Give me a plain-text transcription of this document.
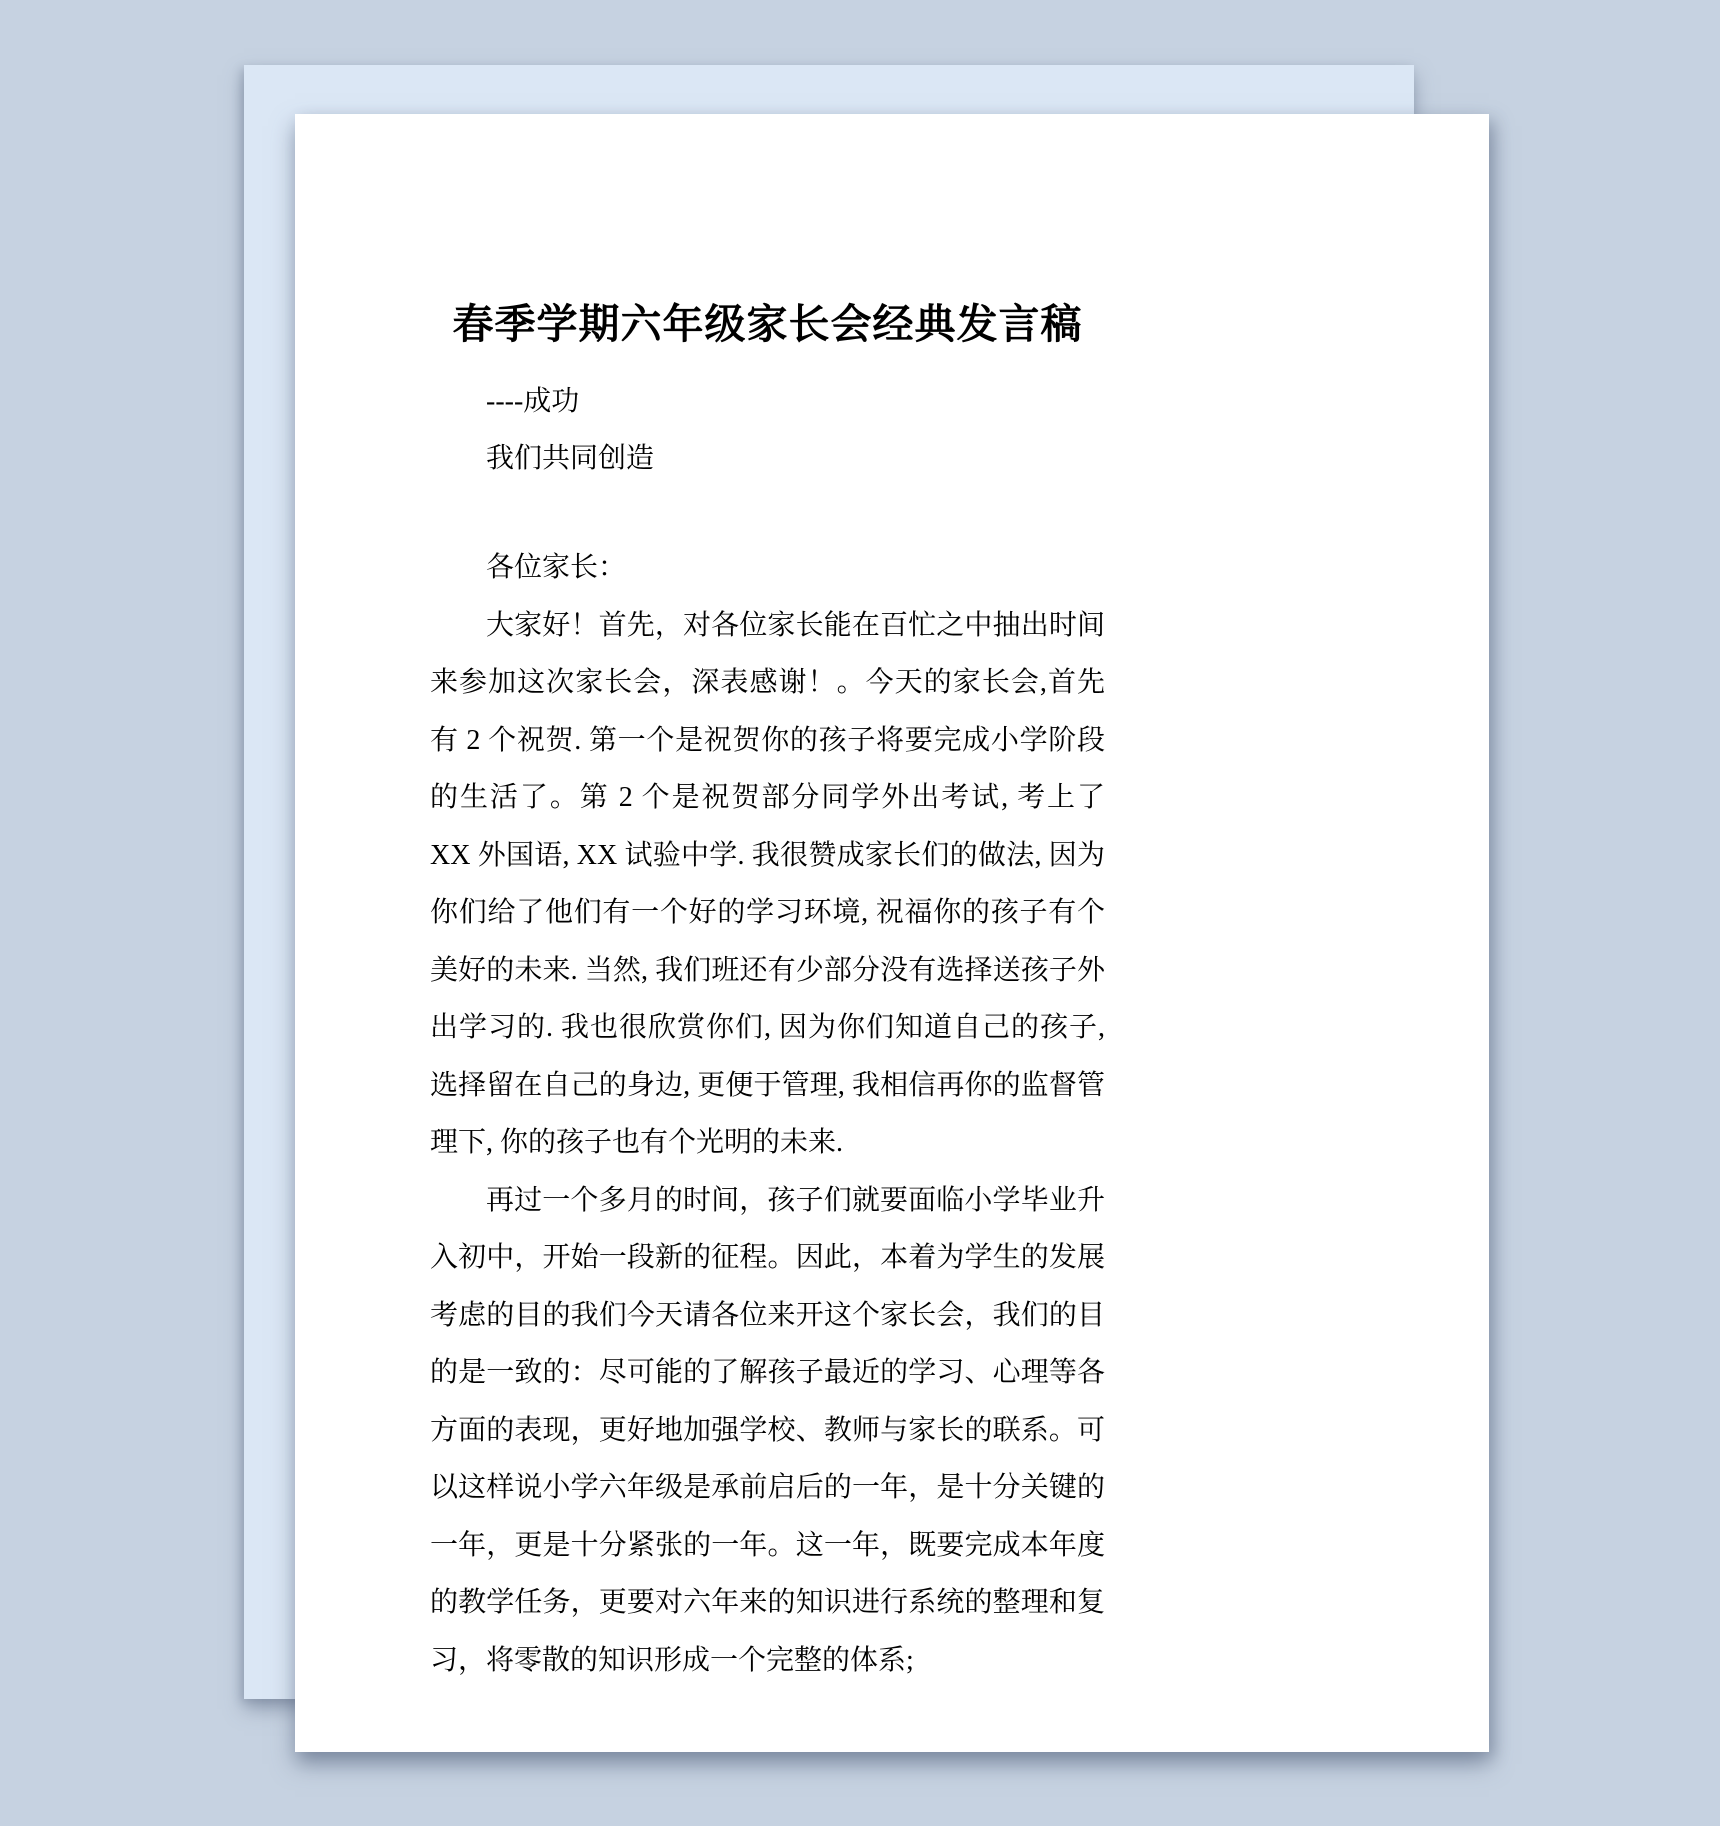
春季学期六年级家长会经典发言稿

----成功

我们共同创造

各位家长：

大家好！首先，对各位家长能在百忙之中抽出时间来参加这次家长会，深表感谢！。今天的家长会,首先有 2 个祝贺. 第一个是祝贺你的孩子将要完成小学阶段的生活了。第 2 个是祝贺部分同学外出考试, 考上了 XX 外国语, XX 试验中学. 我很赞成家长们的做法, 因为你们给了他们有一个好的学习环境, 祝福你的孩子有个美好的未来. 当然, 我们班还有少部分没有选择送孩子外出学习的. 我也很欣赏你们, 因为你们知道自己的孩子, 选择留在自己的身边, 更便于管理, 我相信再你的监督管理下, 你的孩子也有个光明的未来.

再过一个多月的时间，孩子们就要面临小学毕业升入初中，开始一段新的征程。因此，本着为学生的发展考虑的目的我们今天请各位来开这个家长会，我们的目的是一致的：尽可能的了解孩子最近的学习、心理等各方面的表现，更好地加强学校、教师与家长的联系。可以这样说小学六年级是承前启后的一年，是十分关键的一年，更是十分紧张的一年。这一年，既要完成本年度的教学任务，更要对六年来的知识进行系统的整理和复习，将零散的知识形成一个完整的体系;
